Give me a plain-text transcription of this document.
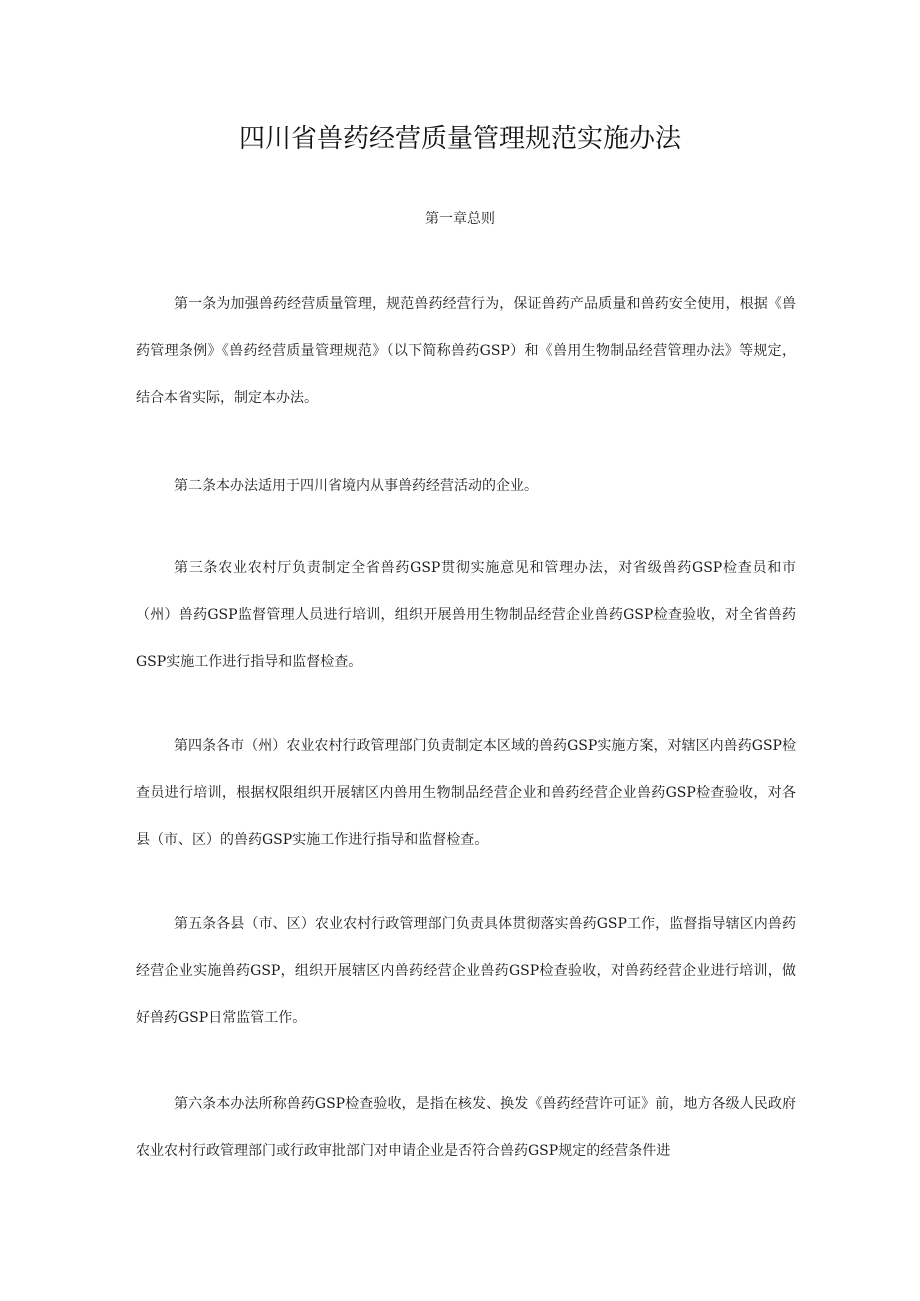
四川省兽药经营质量管理规范实施办法

第一章总则

第一条为加强兽药经营质量管理，规范兽药经营行为，保证兽药产品质量和兽药安全使用，根据《兽药管理条例》《兽药经营质量管理规范》（以下简称兽药GSP）和《兽用生物制品经营管理办法》等规定，结合本省实际，制定本办法。

第二条本办法适用于四川省境内从事兽药经营活动的企业。

第三条农业农村厅负责制定全省兽药GSP贯彻实施意见和管理办法，对省级兽药GSP检查员和市（州）兽药GSP监督管理人员进行培训，组织开展兽用生物制品经营企业兽药GSP检查验收，对全省兽药GSP实施工作进行指导和监督检查。

第四条各市（州）农业农村行政管理部门负责制定本区域的兽药GSP实施方案，对辖区内兽药GSP检查员进行培训，根据权限组织开展辖区内兽用生物制品经营企业和兽药经营企业兽药GSP检查验收，对各县（市、区）的兽药GSP实施工作进行指导和监督检查。

第五条各县（市、区）农业农村行政管理部门负责具体贯彻落实兽药GSP工作，监督指导辖区内兽药经营企业实施兽药GSP，组织开展辖区内兽药经营企业兽药GSP检查验收，对兽药经营企业进行培训，做好兽药GSP日常监管工作。

第六条本办法所称兽药GSP检查验收，是指在核发、换发《兽药经营许可证》前，地方各级人民政府农业农村行政管理部门或行政审批部门对申请企业是否符合兽药GSP规定的经营条件进
